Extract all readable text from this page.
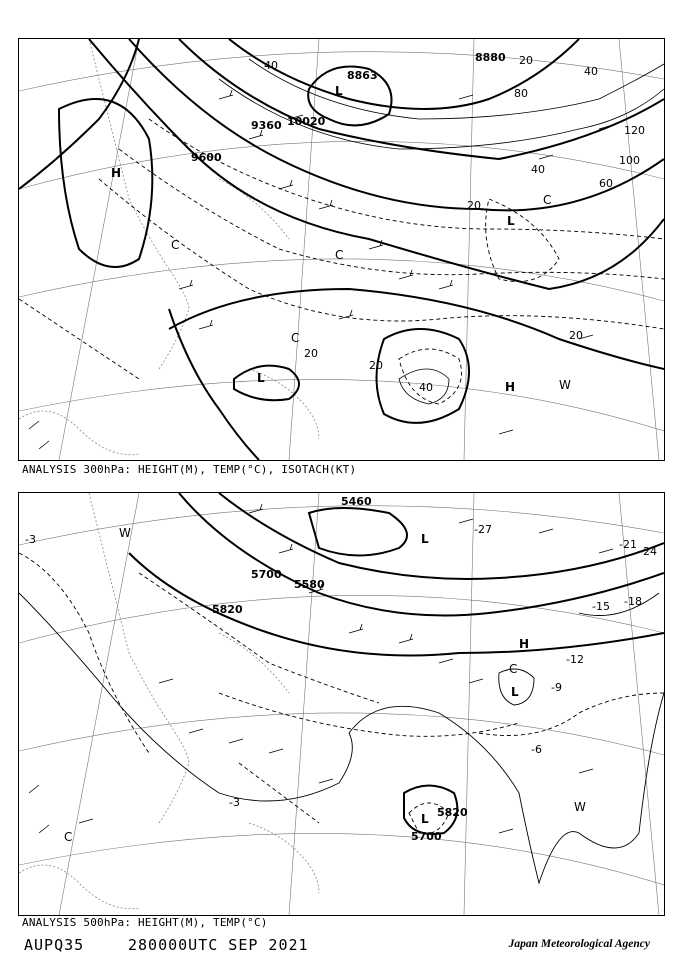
8880
8863
9360
9600
10020
20
40
60
80
100
120
20
40
20
20
40
20
40
H
L
L
L
H
C
C
C
C
W
ANALYSIS 300hPa: HEIGHT(M), TEMP(°C), ISOTACH(KT)
5460
5700
5580
5820
5820
5700
-3
-6
-9
-12
-15 -18
-21
-24
-27
-3
L
L
L
H
C
C
W
W
ANALYSIS 500hPa: HEIGHT(M), TEMP(°C)
AUPQ35	280000UTC SEP 2021	Japan Meteorological Agency
